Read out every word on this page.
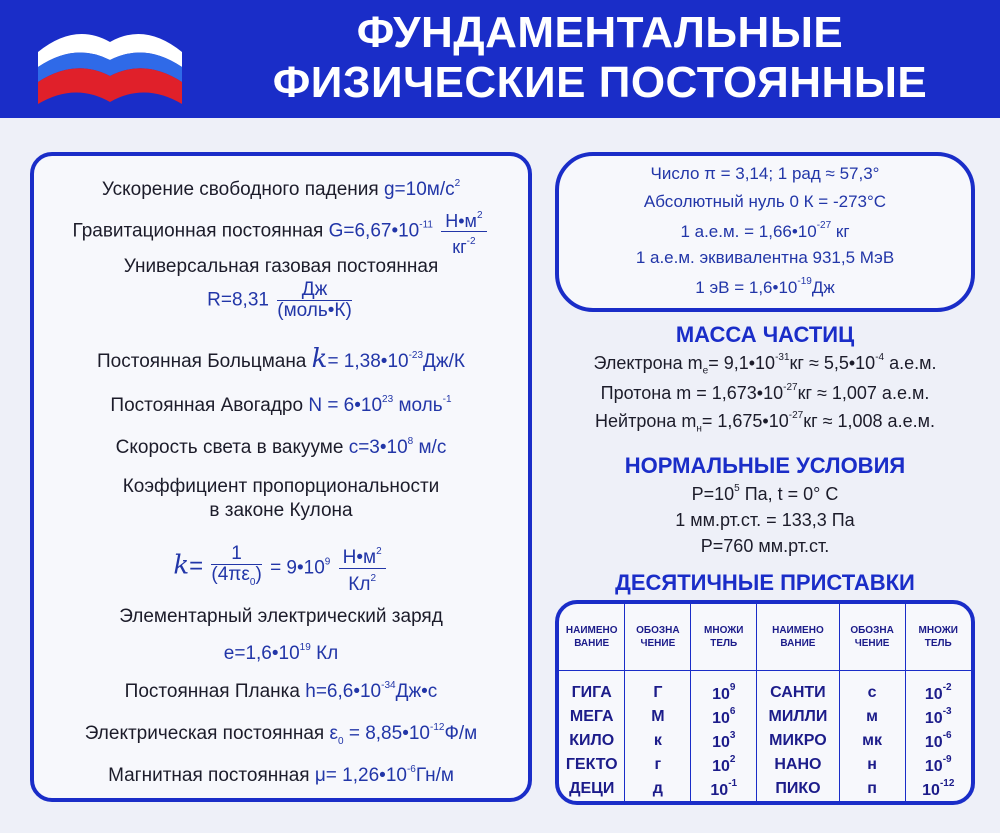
ФУНДАМЕНТАЛЬНЫЕ
ФИЗИЧЕСКИЕ ПОСТОЯННЫЕ
Ускорение свободного падения $g=10м/с^2$
Гравитационная постоянная $G=6,67•10^{-11} \frac{Н•м^2}{кг^{-2}}$
Универсальная газовая постоянная
$R=8,31 \frac{Дж}{\text{(моль•К)}}$
Постоянная Больцмана $k= 1,38•10^{-23}Дж/К$
Постоянная Авогадро $N = 6•10^{23}$ моль$^{-1}$
Скорость света в вакууме $c=3•10^8$ м/с
Коэффициент пропорциональности
в законе Кулона
$k= \frac{1}{(4\pi\varepsilon_0)}$ = $9•10^9 \frac{Н•м^2}{Кл^2}$
Элементарный электрический заряд
$e=1,6•10^{19}$ Кл
Постоянная Планка $h=6,6•10^{-34}Дж•с$
Электрическая постоянная $\varepsilon_0$ = $8,85•10^{-12}Ф/м$
Магнитная постоянная $\mu= 1,26•10^{-6}Гн/м$
Число π = 3,14; 1 рад ≈ 57,3°
Абсолютный нуль 0 К = -273°С
1 а.е.м. = $1,66•10^{-27}$ кг
1 а.е.м. эквивалентна 931,5 МэВ
1 эВ = $1,6•10^{-19}Дж$
МАССА ЧАСТИЦ
Электрона $m_e=$ $9,1•10^{-31}кг$ ≈ $5,5•10^{-4}$ а.е.м.
Протона $m = 1,673•10^{-27}кг \approx 1,007$ а.е.м.
Нейтрона $m_н=$ $1,675•10^{-27}кг \approx 1,008$ а.е.м.
НОРМАЛЬНЫЕ УСЛОВИЯ
$P=10^5$ Па, t = 0° C
1 мм.рт.ст. = 133,3 Па
P=760 мм.рт.ст.
ДЕСЯТИЧНЫЕ ПРИСТАВКИ
НАИМЕНО ВАНИЕ	ОБОЗНА ЧЕНИЕ	МНОЖИ ТЕЛЬ	НАИМЕНО ВАНИЕ	ОБОЗНА ЧЕНИЕ	МНОЖИ ТЕЛЬ

ГИГА	Г	$10^9$	САНТИ	с	$10^{-2}$
МЕГА	М	$10^6$	МИЛЛИ	м	$10^{-3}$
КИЛО	к	$10^3$	МИКРО	мк	$10^{-6}$
ГЕКТО	г	$10^2$	НАНО	н	$10^{-9}$
ДЕЦИ	д	$10^{-1}$	ПИКО	п	$10^{-12}$
